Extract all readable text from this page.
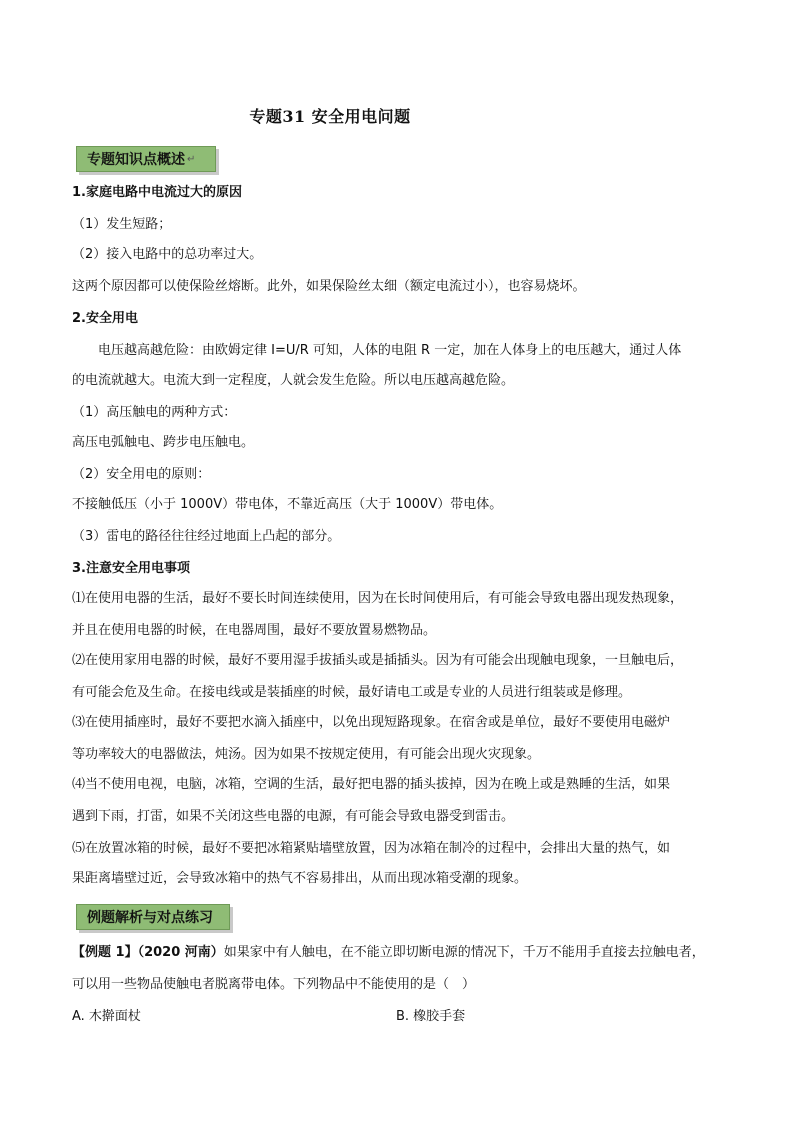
专题31 安全用电问题
专题知识点概述 ↵
1.家庭电路中电流过大的原因
（1）发生短路；
（2）接入电路中的总功率过大。
这两个原因都可以使保险丝熔断。此外，如果保险丝太细（额定电流过小），也容易烧坏。
2.安全用电
　　电压越高越危险：由欧姆定律 I=U/R 可知，人体的电阻 R 一定，加在人体身上的电压越大，通过人体
的电流就越大。电流大到一定程度，人就会发生危险。所以电压越高越危险。
（1）高压触电的两种方式：
高压电弧触电、跨步电压触电。
（2）安全用电的原则：
不接触低压（小于 1000V）带电体，不靠近高压（大于 1000V）带电体。
（3）雷电的路径往往经过地面上凸起的部分。
3.注意安全用电事项
⑴在使用电器的生活，最好不要长时间连续使用，因为在长时间使用后，有可能会导致电器出现发热现象，
并且在使用电器的时候，在电器周围，最好不要放置易燃物品。
⑵在使用家用电器的时候，最好不要用湿手拔插头或是插插头。因为有可能会出现触电现象，一旦触电后，
有可能会危及生命。在接电线或是装插座的时候，最好请电工或是专业的人员进行组装或是修理。
⑶在使用插座时，最好不要把水滴入插座中，以免出现短路现象。在宿舍或是单位，最好不要使用电磁炉
等功率较大的电器做法，炖汤。因为如果不按规定使用，有可能会出现火灾现象。
⑷当不使用电视，电脑，冰箱，空调的生活，最好把电器的插头拔掉，因为在晚上或是熟睡的生活，如果
遇到下雨，打雷，如果不关闭这些电器的电源，有可能会导致电器受到雷击。
⑸在放置冰箱的时候，最好不要把冰箱紧贴墙壁放置，因为冰箱在制冷的过程中，会排出大量的热气，如
果距离墙壁过近，会导致冰箱中的热气不容易排出，从而出现冰箱受潮的现象。
例题解析与对点练习
【例题 1】（2020 河南）如果家中有人触电，在不能立即切断电源的情况下，千万不能用手直接去拉触电者，
可以用一些物品使触电者脱离带电体。下列物品中不能使用的是（　）
A. 木擀面杖	B. 橡胶手套
